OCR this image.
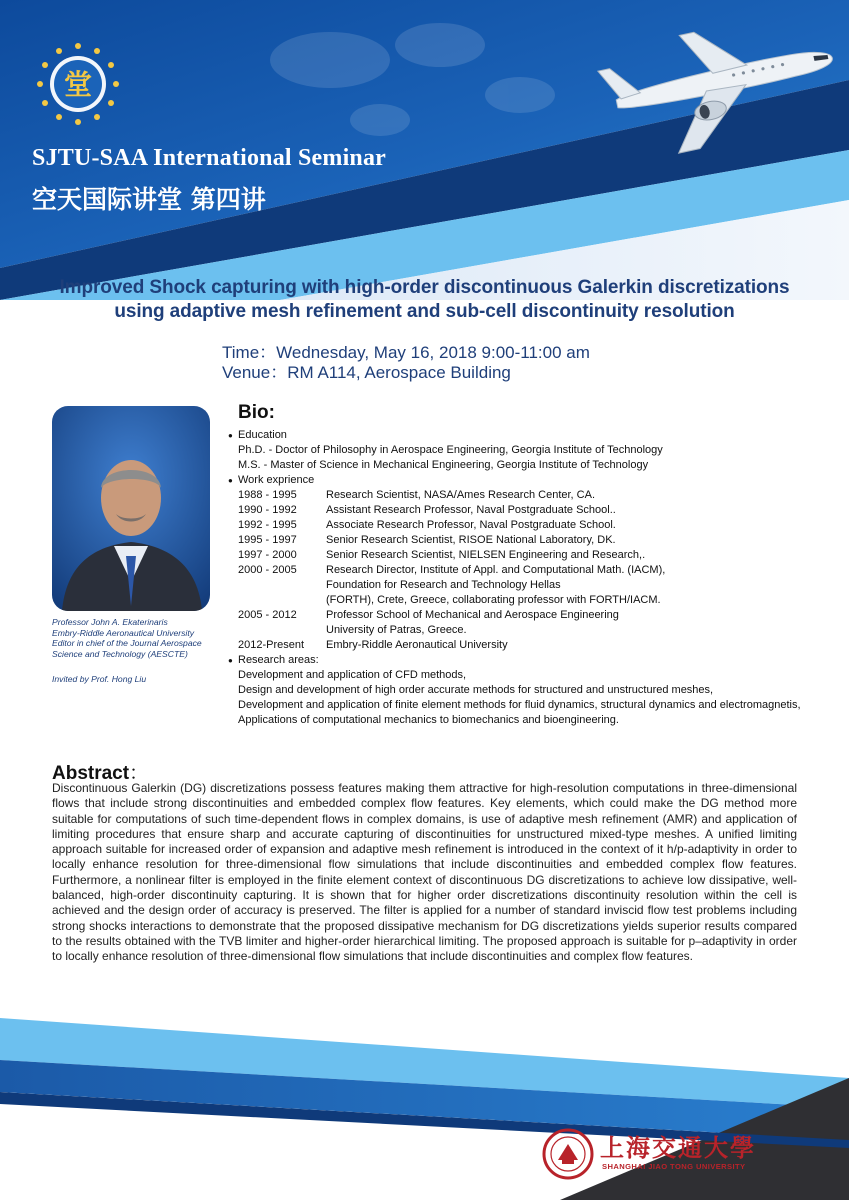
堂
SJTU-SAA International Seminar
空天国际讲堂 第四讲
Improved Shock capturing with high-order discontinuous Galerkin discretizations
using adaptive mesh refinement and sub-cell discontinuity resolution
Time：Wednesday, May 16, 2018 9:00-11:00 am
Venue：RM A114, Aerospace Building
Professor John A. Ekaterinaris
Embry-Riddle Aeronautical University
Editor in chief of the Journal Aerospace
Science and Technology (AESCTE)
Invited by Prof. Hong Liu
Bio:
● Education
Ph.D. - Doctor of Philosophy in Aerospace Engineering, Georgia Institute of Technology
M.S. - Master of Science in Mechanical Engineering, Georgia Institute of Technology
● Work exprience
1988 - 1995	Research Scientist, NASA/Ames Research Center, CA.
1990 - 1992	Assistant Research Professor, Naval Postgraduate School..
1992 - 1995	Associate Research Professor, Naval Postgraduate School.
1995 - 1997	Senior Research Scientist, RISOE National Laboratory, DK.
1997 - 2000	Senior Research Scientist, NIELSEN Engineering and Research,.
2000 - 2005	Research Director, Institute of Appl. and Computational Math. (IACM),
Foundation for Research and Technology Hellas
(FORTH), Crete, Greece, collaborating professor with FORTH/IACM.
2005 - 2012	Professor School of Mechanical and Aerospace Engineering
University of Patras, Greece.
2012-Present	Embry-Riddle Aeronautical University
● Research areas:
Development and application of CFD methods,
Design and development of high order accurate methods for structured and unstructured meshes,
Development and application of finite element methods for fluid dynamics, structural dynamics and electromagnetis,
Applications of computational mechanics to biomechanics and bioengineering.
Abstract：
Discontinuous Galerkin (DG) discretizations possess features making them attractive for high-resolution computations in three-dimensional flows that include strong discontinuities and embedded complex flow features. Key elements, which could make the DG method more suitable for computations of such time-dependent flows in complex domains, is use of adaptive mesh refinement (AMR) and application of limiting procedures that ensure sharp and accurate capturing of discontinuities for unstructured mixed-type meshes. A unified limiting approach suitable for increased order of expansion and adaptive mesh refinement is introduced in the context of it h/p-adaptivity in order to locally enhance resolution for three-dimensional flow simulations that include discontinuities and embedded complex flow features. Furthermore, a nonlinear filter is employed in the finite element context of discontinuous DG discretizations to achieve low dissipative, well-balanced, high-order discontinuity capturing. It is shown that for higher order discretizations discontinuity resolution within the cell is achieved and the design order of accuracy is preserved. The filter is applied for a number of standard inviscid flow test problems including strong shocks interactions to demonstrate that the proposed dissipative mechanism for DG discretizations yields superior results compared to the results obtained with the TVB limiter and higher-order hierarchical limiting. The proposed approach is suitable for p–adaptivity in order to locally enhance resolution of three-dimensional flow simulations that include discontinuities and complex flow features.
上海交通大學
SHANGHAI JIAO TONG UNIVERSITY
